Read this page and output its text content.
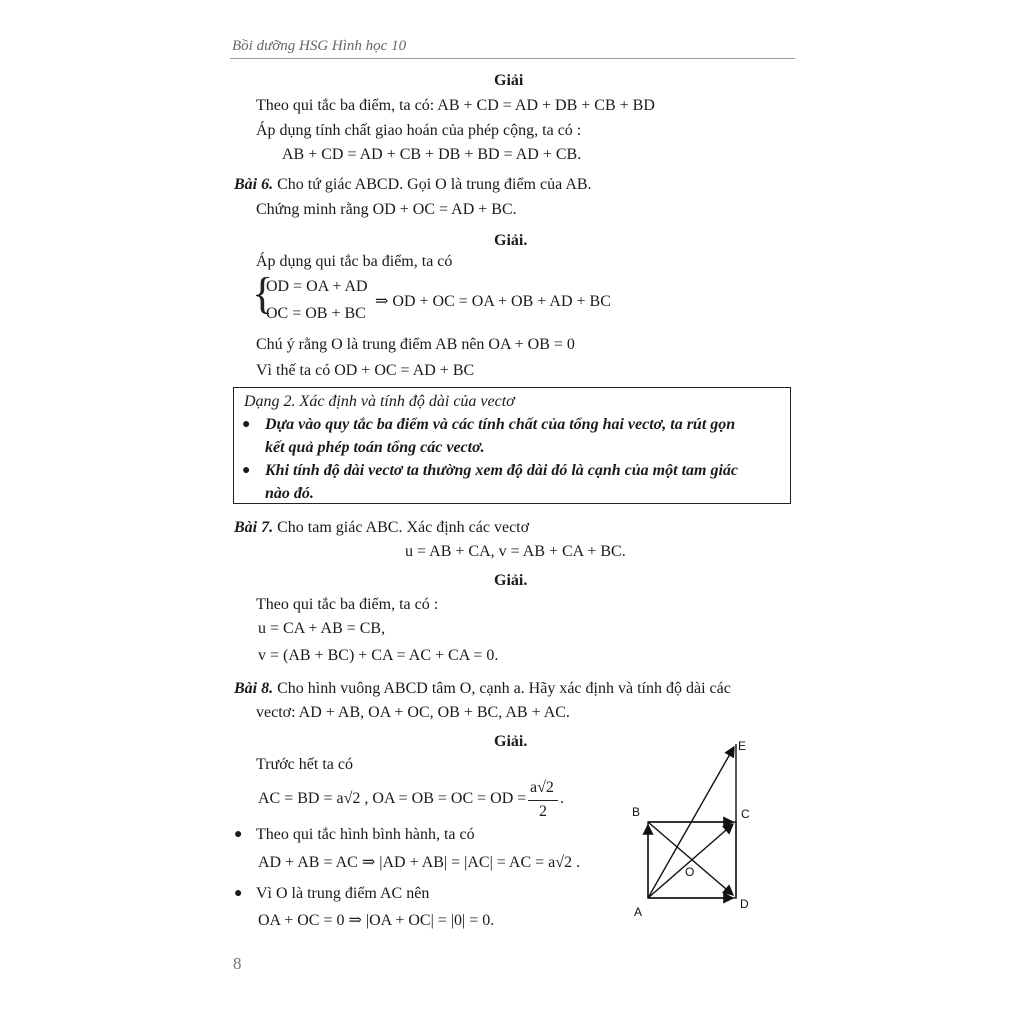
Bồi dưỡng HSG Hình học 10
Giải
Theo qui tắc ba điểm, ta có: AB + CD = AD + DB + CB + BD
Áp dụng tính chất giao hoán của phép cộng, ta có :
AB + CD = AD + CB + DB + BD = AD + CB.
Bài 6. Cho tứ giác ABCD. Gọi O là trung điểm của AB.
Chứng minh rằng OD + OC = AD + BC.
Giải.
Áp dụng qui tắc ba điểm, ta có
{
OD = OA + AD
OC = OB + BC
⇒ OD + OC = OA + OB + AD + BC
Chú ý rằng O là trung điểm AB nên OA + OB = 0
Vì thế ta có OD + OC = AD + BC
Dạng 2. Xác định và tính độ dài của vectơ
● Dựa vào quy tắc ba điểm và các tính chất của tổng hai vectơ, ta rút gọn
kết quả phép toán tổng các vectơ.
● Khi tính độ dài vectơ ta thường xem độ dài đó là cạnh của một tam giác
nào đó.
Bài 7. Cho tam giác ABC. Xác định các vectơ
u = AB + CA, v = AB + CA + BC.
Giải.
Theo qui tắc ba điểm, ta có :
u = CA + AB = CB,
v = (AB + BC) + CA = AC + CA = 0.
Bài 8. Cho hình vuông ABCD tâm O, cạnh a. Hãy xác định và tính độ dài các
vectơ: AD + AB, OA + OC, OB + BC, AB + AC.
Giải.
Trước hết ta có
AC = BD = a√2 , OA = OB = OC = OD =
a√2
2
.
● Theo qui tắc hình bình hành, ta có
AD + AB = AC ⇒ |AD + AB| = |AC| = AC = a√2 .
● Vì O là trung điểm AC nên
OA + OC = 0 ⇒ |OA + OC| = |0| = 0.
E
B	C
O
A
D
8
